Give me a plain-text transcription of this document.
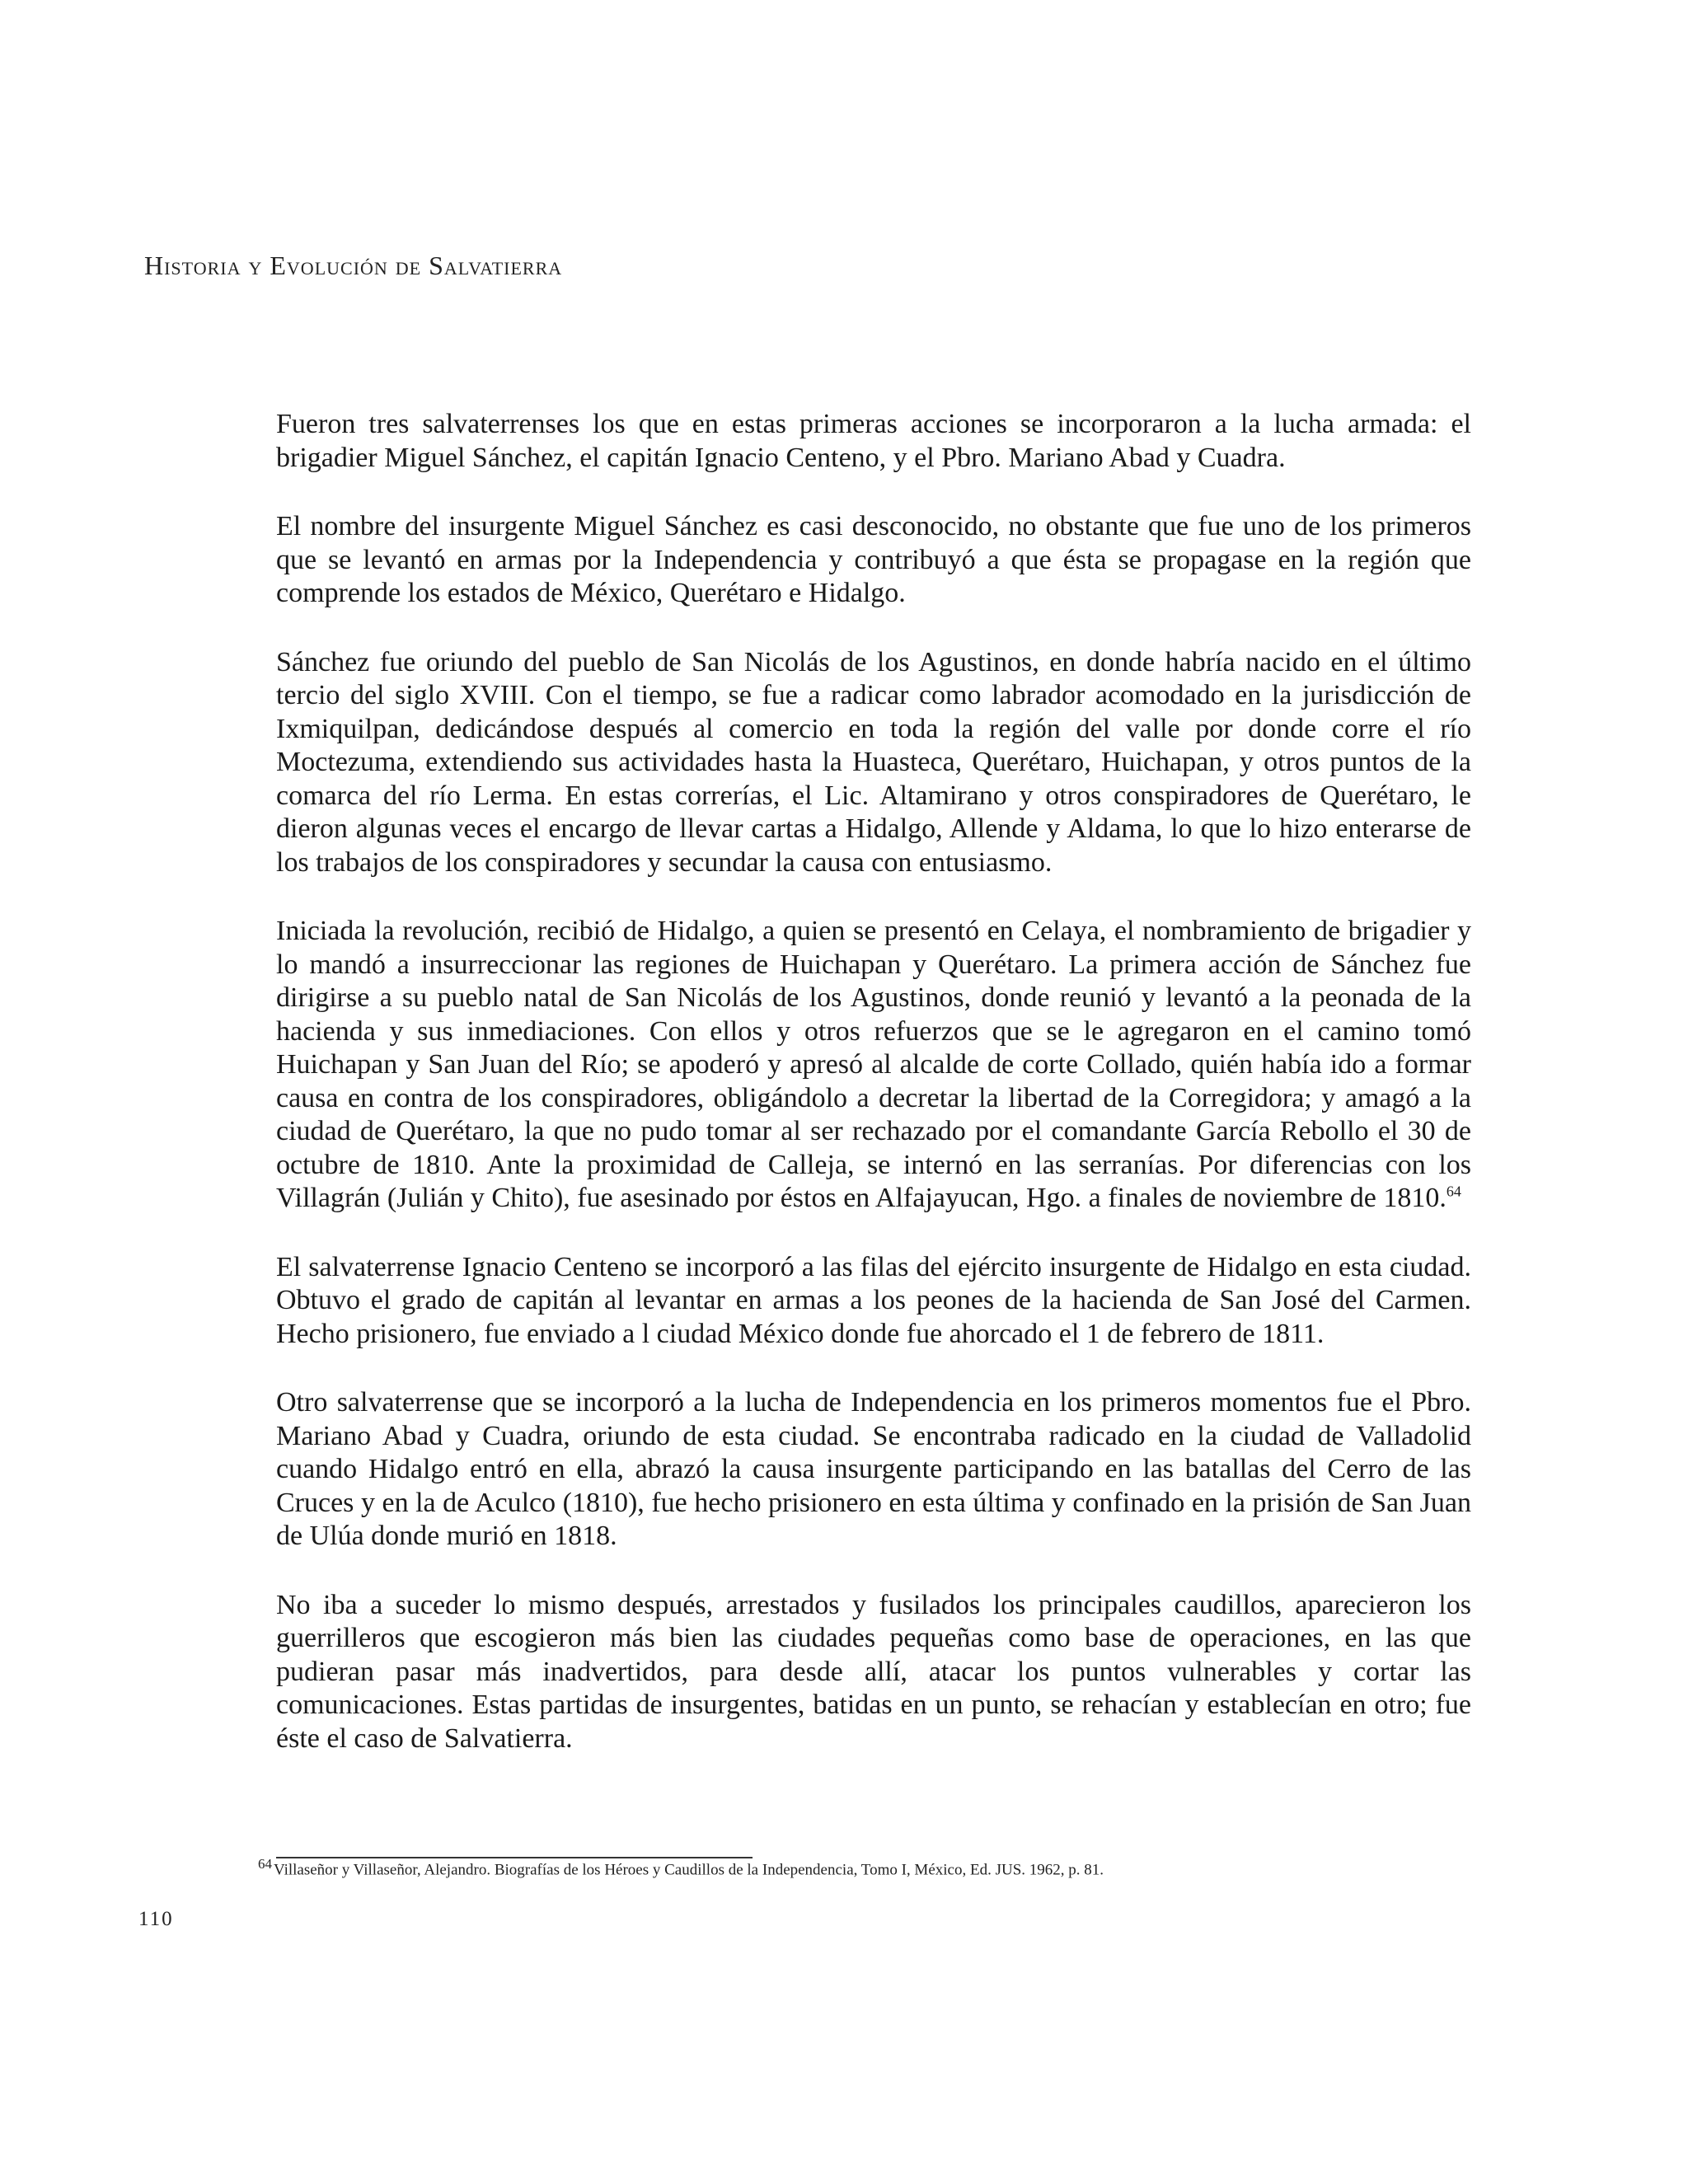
Historia y Evolución de Salvatierra

Fueron tres salvaterrenses los que en estas primeras acciones se incorporaron a la lucha armada: el brigadier Miguel Sánchez, el capitán Ignacio Centeno, y el Pbro. Mariano Abad y Cuadra.

El nombre del insurgente Miguel Sánchez es casi desconocido, no obstante que fue uno de los primeros que se levantó en armas por la Independencia y contribuyó a que ésta se propagase en la región que comprende los estados de México, Querétaro e Hidalgo.

Sánchez fue oriundo del pueblo de San Nicolás de los Agustinos, en donde habría nacido en el último tercio del siglo XVIII. Con el tiempo, se fue a radicar como labrador acomodado en la jurisdicción de Ixmiquilpan, dedicándose después al comercio en toda la región del valle por donde corre el río Moctezuma, extendiendo sus actividades hasta la Huasteca, Querétaro, Huichapan, y otros puntos de la comarca del río Lerma. En estas correrías, el Lic. Altamirano y otros conspiradores de Querétaro, le dieron algunas veces el encargo de llevar cartas a Hidalgo, Allende y Aldama, lo que lo hizo enterarse de los trabajos de los conspiradores y secundar la causa con entusiasmo.

Iniciada la revolución, recibió de Hidalgo, a quien se presentó en Celaya, el nombramiento de brigadier y lo mandó a insurreccionar las regiones de Huichapan y Querétaro. La primera acción de Sánchez fue dirigirse a su pueblo natal de San Nicolás de los Agustinos, donde reunió y levantó a la peonada de la hacienda y sus inmediaciones. Con ellos y otros refuerzos que se le agregaron en el camino tomó Huichapan y San Juan del Río; se apoderó y apresó al alcalde de corte Collado, quién había ido a formar causa en contra de los conspiradores, obligándolo a decretar la libertad de la Corregidora; y amagó a la ciudad de Querétaro, la que no pudo tomar al ser rechazado por el comandante García Rebollo el 30 de octubre de 1810. Ante la proximidad de Calleja, se internó en las serranías. Por diferencias con los Villagrán (Julián y Chito), fue asesinado por éstos en Alfajayucan, Hgo. a finales de noviembre de 1810.64

El salvaterrense Ignacio Centeno se incorporó a las filas del ejército insurgente de Hidalgo en esta ciudad. Obtuvo el grado de capitán al levantar en armas a los peones de la hacienda de San José del Carmen. Hecho prisionero, fue enviado a l ciudad México donde fue ahorcado el 1 de febrero de 1811.

Otro salvaterrense que se incorporó a la lucha de Independencia en los primeros momentos fue el Pbro. Mariano Abad y Cuadra, oriundo de esta ciudad. Se encontraba radicado en la ciudad de Valladolid cuando Hidalgo entró en ella, abrazó la causa insurgente participando en las batallas del Cerro de las Cruces y en la de Aculco (1810), fue hecho prisionero en esta última y confinado en la prisión de San Juan de Ulúa donde murió en 1818.

No iba a suceder lo mismo después, arrestados y fusilados los principales caudillos, aparecieron los guerrilleros que escogieron más bien las ciudades pequeñas como base de operaciones, en las que pudieran pasar más inadvertidos, para desde allí, atacar los puntos vulnerables y cortar las comunicaciones. Estas partidas de insurgentes, batidas en un punto, se rehacían y establecían en otro; fue éste el caso de Salvatierra.

64 Villaseñor y Villaseñor, Alejandro. Biografías de los Héroes y Caudillos de la Independencia, Tomo I, México, Ed. JUS. 1962, p. 81.
110
